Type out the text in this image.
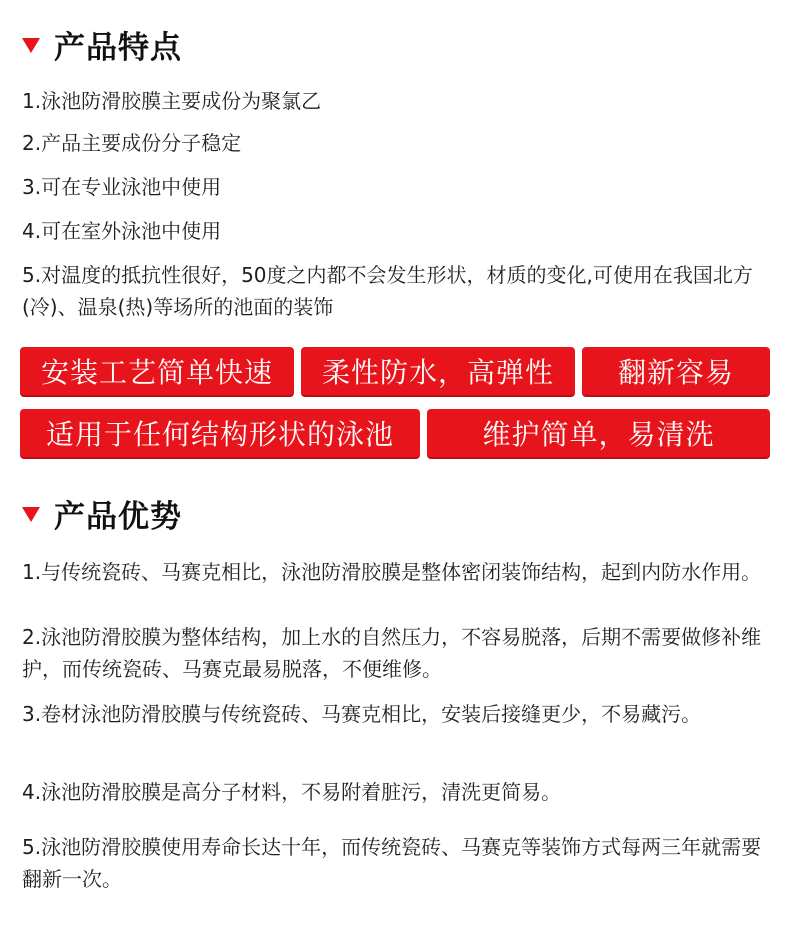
产品特点
1.泳池防滑胶膜主要成份为聚氯乙
2.产品主要成份分子稳定
3.可在专业泳池中使用
4.可在室外泳池中使用
5.对温度的抵抗性很好，50度之内都不会发生形状，材质的变化,可使用在我国北方(冷)、温泉(热)等场所的池面的装饰
安装工艺简单快速	柔性防水，高弹性	翻新容易
适用于任何结构形状的泳池	维护简单，易清洗
产品优势
1.与传统瓷砖、马赛克相比，泳池防滑胶膜是整体密闭装饰结构，起到内防水作用。
2.泳池防滑胶膜为整体结构，加上水的自然压力，不容易脱落，后期不需要做修补维护，而传统瓷砖、马赛克最易脱落，不便维修。
3.卷材泳池防滑胶膜与传统瓷砖、马赛克相比，安装后接缝更少，不易藏污。
4.泳池防滑胶膜是高分子材料，不易附着脏污，清洗更简易。
5.泳池防滑胶膜使用寿命长达十年，而传统瓷砖、马赛克等装饰方式每两三年就需要翻新一次。
